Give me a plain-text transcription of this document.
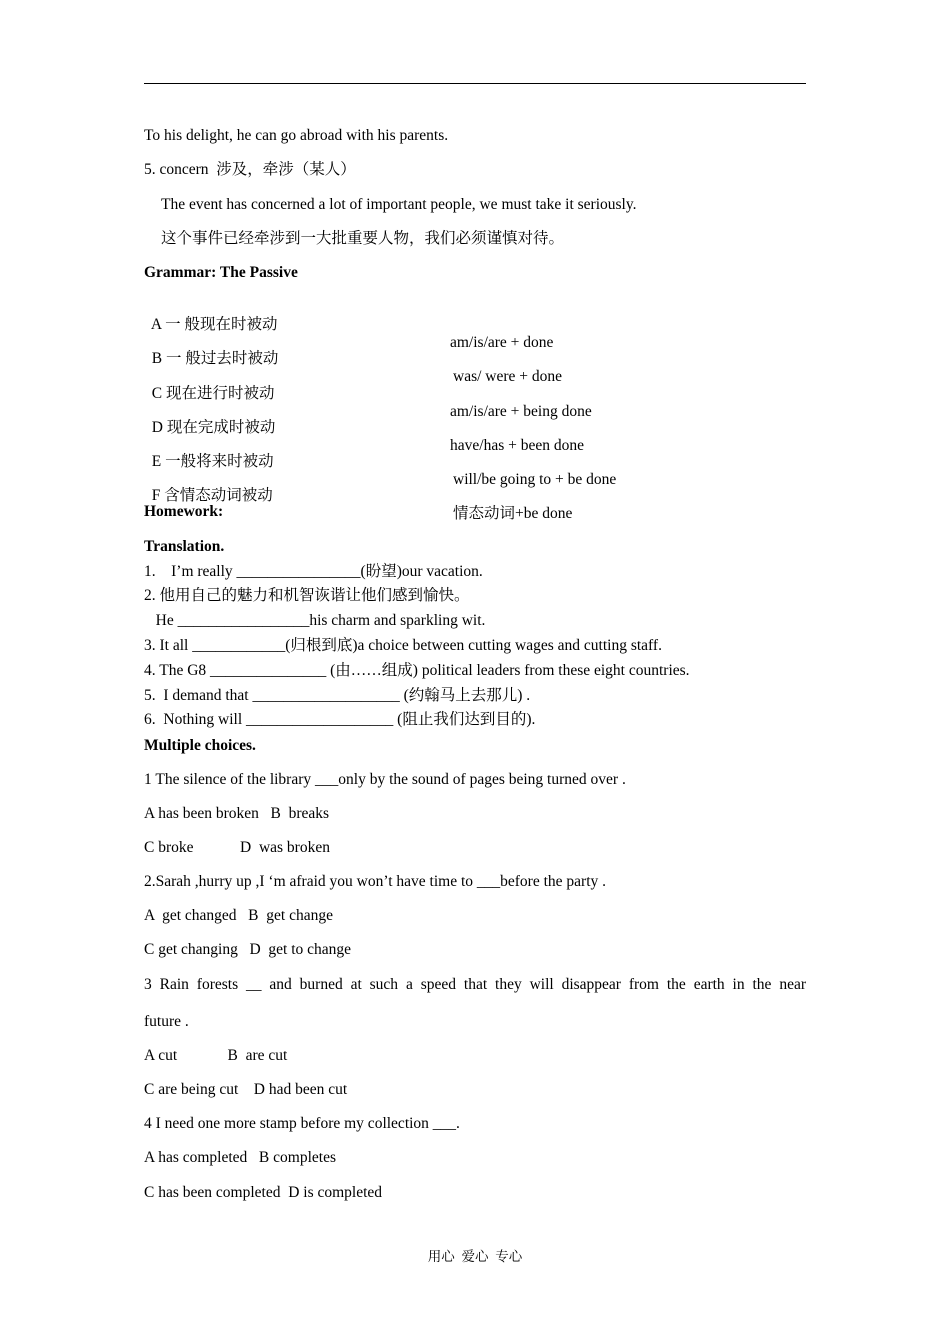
To his delight, he can go abroad with his parents.
5. concern  涉及，牵涉（某人）
The event has concerned a lot of important people, we must take it seriously.
这个事件已经牵涉到一大批重要人物，我们必须谨慎对待。
Grammar: The Passive

A 一 般现在时被动

am/is/are + done

B 一 般过去时被动

was/ were + done

C 现在进行时被动

am/is/are + being done

D 现在完成时被动

have/has + been done

E 一般将来时被动

will/be going to + be done

F 含情态动词被动

情态动词+be done

Homework:
Translation.
1.    I’m really ________________(盼望)our vacation.
2. 他用自己的魅力和机智诙谐让他们感到愉快。
He _________________his charm and sparkling wit.
3. It all ____________(归根到底)a choice between cutting wages and cutting staff.
4. The G8 _______________ (由……组成) political leaders from these eight countries.
5.  I demand that ___________________ (约翰马上去那儿) .
6.  Nothing will ___________________ (阻止我们达到目的).
Multiple choices.
1 The silence of the library ___only by the sound of pages being turned over .
A has been broken   B  breaks
C broke            D  was broken
2.Sarah ,hurry up ,I ‘m afraid you won’t have time to ___before the party .
A  get changed   B  get change
C get changing   D  get to change
3 Rain forests __ and burned at such a speed that they will disappear from the earth in the near
future .
A cut             B  are cut
C are being cut    D had been cut
4 I need one more stamp before my collection ___.
A has completed   B completes
C has been completed  D is completed
用心  爱心  专心
